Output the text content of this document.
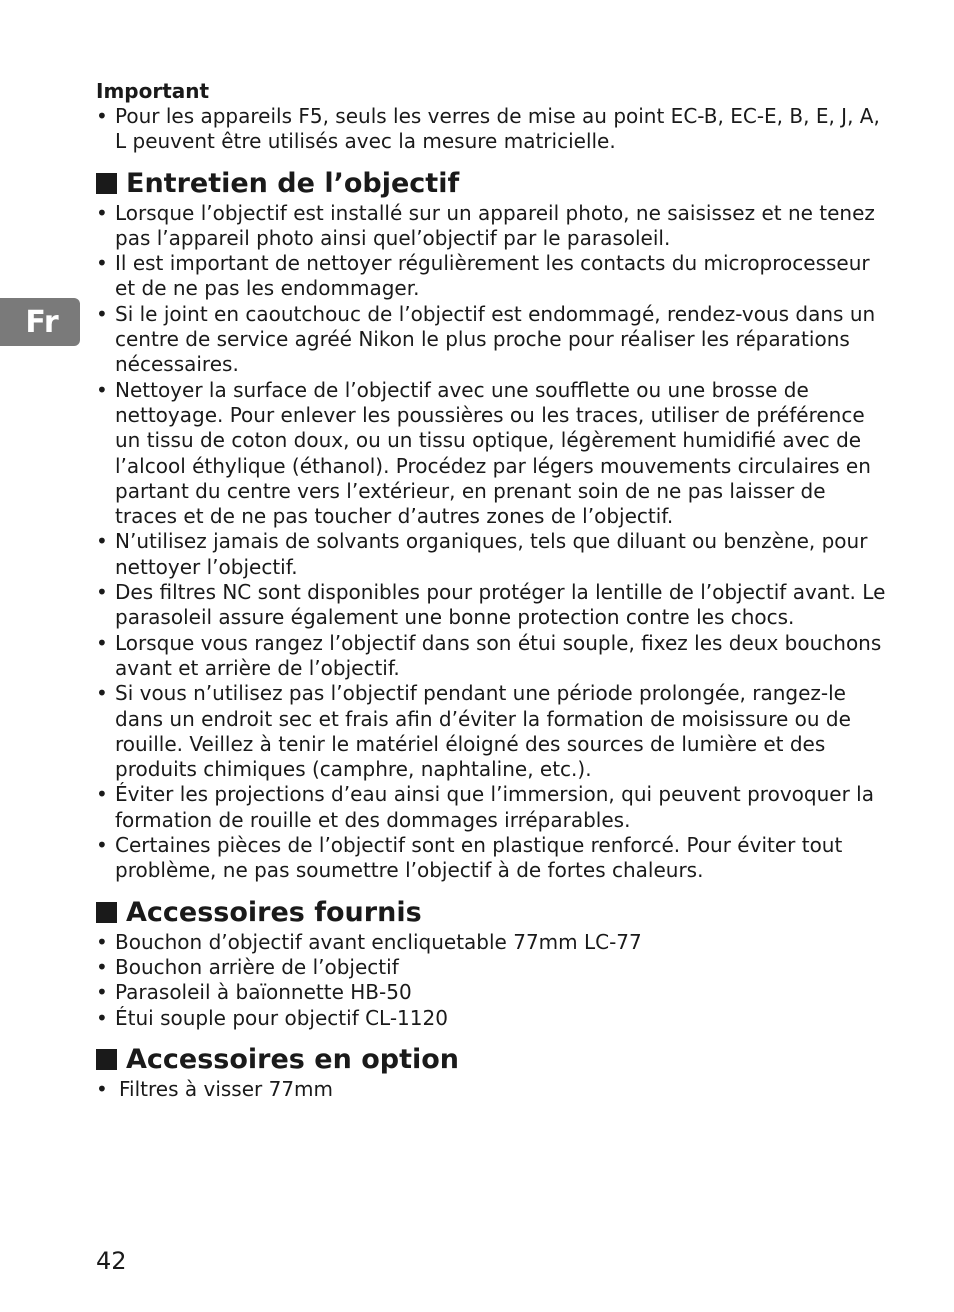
Fr

Important

• Pour les appareils F5, seuls les verres de mise au point EC-B, EC-E, B, E, J, A, L peuvent être utilisés avec la mesure matricielle.
Entretien de l’objectif
• Lorsque l’objectif est installé sur un appareil photo, ne saisissez et ne tenez pas l’appareil photo ainsi quel’objectif par le parasoleil.
• Il est important de nettoyer régulièrement les contacts du microprocesseur et de ne pas les endommager.
• Si le joint en caoutchouc de l’objectif est endommagé, rendez-vous dans un centre de service agréé Nikon le plus proche pour réaliser les réparations nécessaires.
• Nettoyer la surface de l’objectif avec une soufflette ou une brosse de nettoyage. Pour enlever les poussières ou les traces, utiliser de préférence un tissu de coton doux, ou un tissu optique, légèrement humidifié avec de l’alcool éthylique (éthanol). Procédez par légers mouvements circulaires en partant du centre vers l’extérieur, en prenant soin de ne pas laisser de traces et de ne pas toucher d’autres zones de l’objectif.
• N’utilisez jamais de solvants organiques, tels que diluant ou benzène, pour nettoyer l’objectif.
• Des filtres NC sont disponibles pour protéger la lentille de l’objectif avant. Le parasoleil assure également une bonne protection contre les chocs.
• Lorsque vous rangez l’objectif dans son étui souple, fixez les deux bouchons avant et arrière de l’objectif.
• Si vous n’utilisez pas l’objectif pendant une période prolongée, rangez-le dans un endroit sec et frais afin d’éviter la formation de moisissure ou de rouille. Veillez à tenir le matériel éloigné des sources de lumière et des produits chimiques (camphre, naphtaline, etc.).
• Éviter les projections d’eau ainsi que l’immersion, qui peuvent provoquer la formation de rouille et des dommages irréparables.
• Certaines pièces de l’objectif sont en plastique renforcé. Pour éviter tout problème, ne pas soumettre l’objectif à de fortes chaleurs.
Accessoires fournis
• Bouchon d’objectif avant encliquetable 77mm LC-77
• Bouchon arrière de l’objectif
• Parasoleil à baïonnette HB-50
• Étui souple pour objectif CL-1120
Accessoires en option
• Filtres à visser 77mm
42
